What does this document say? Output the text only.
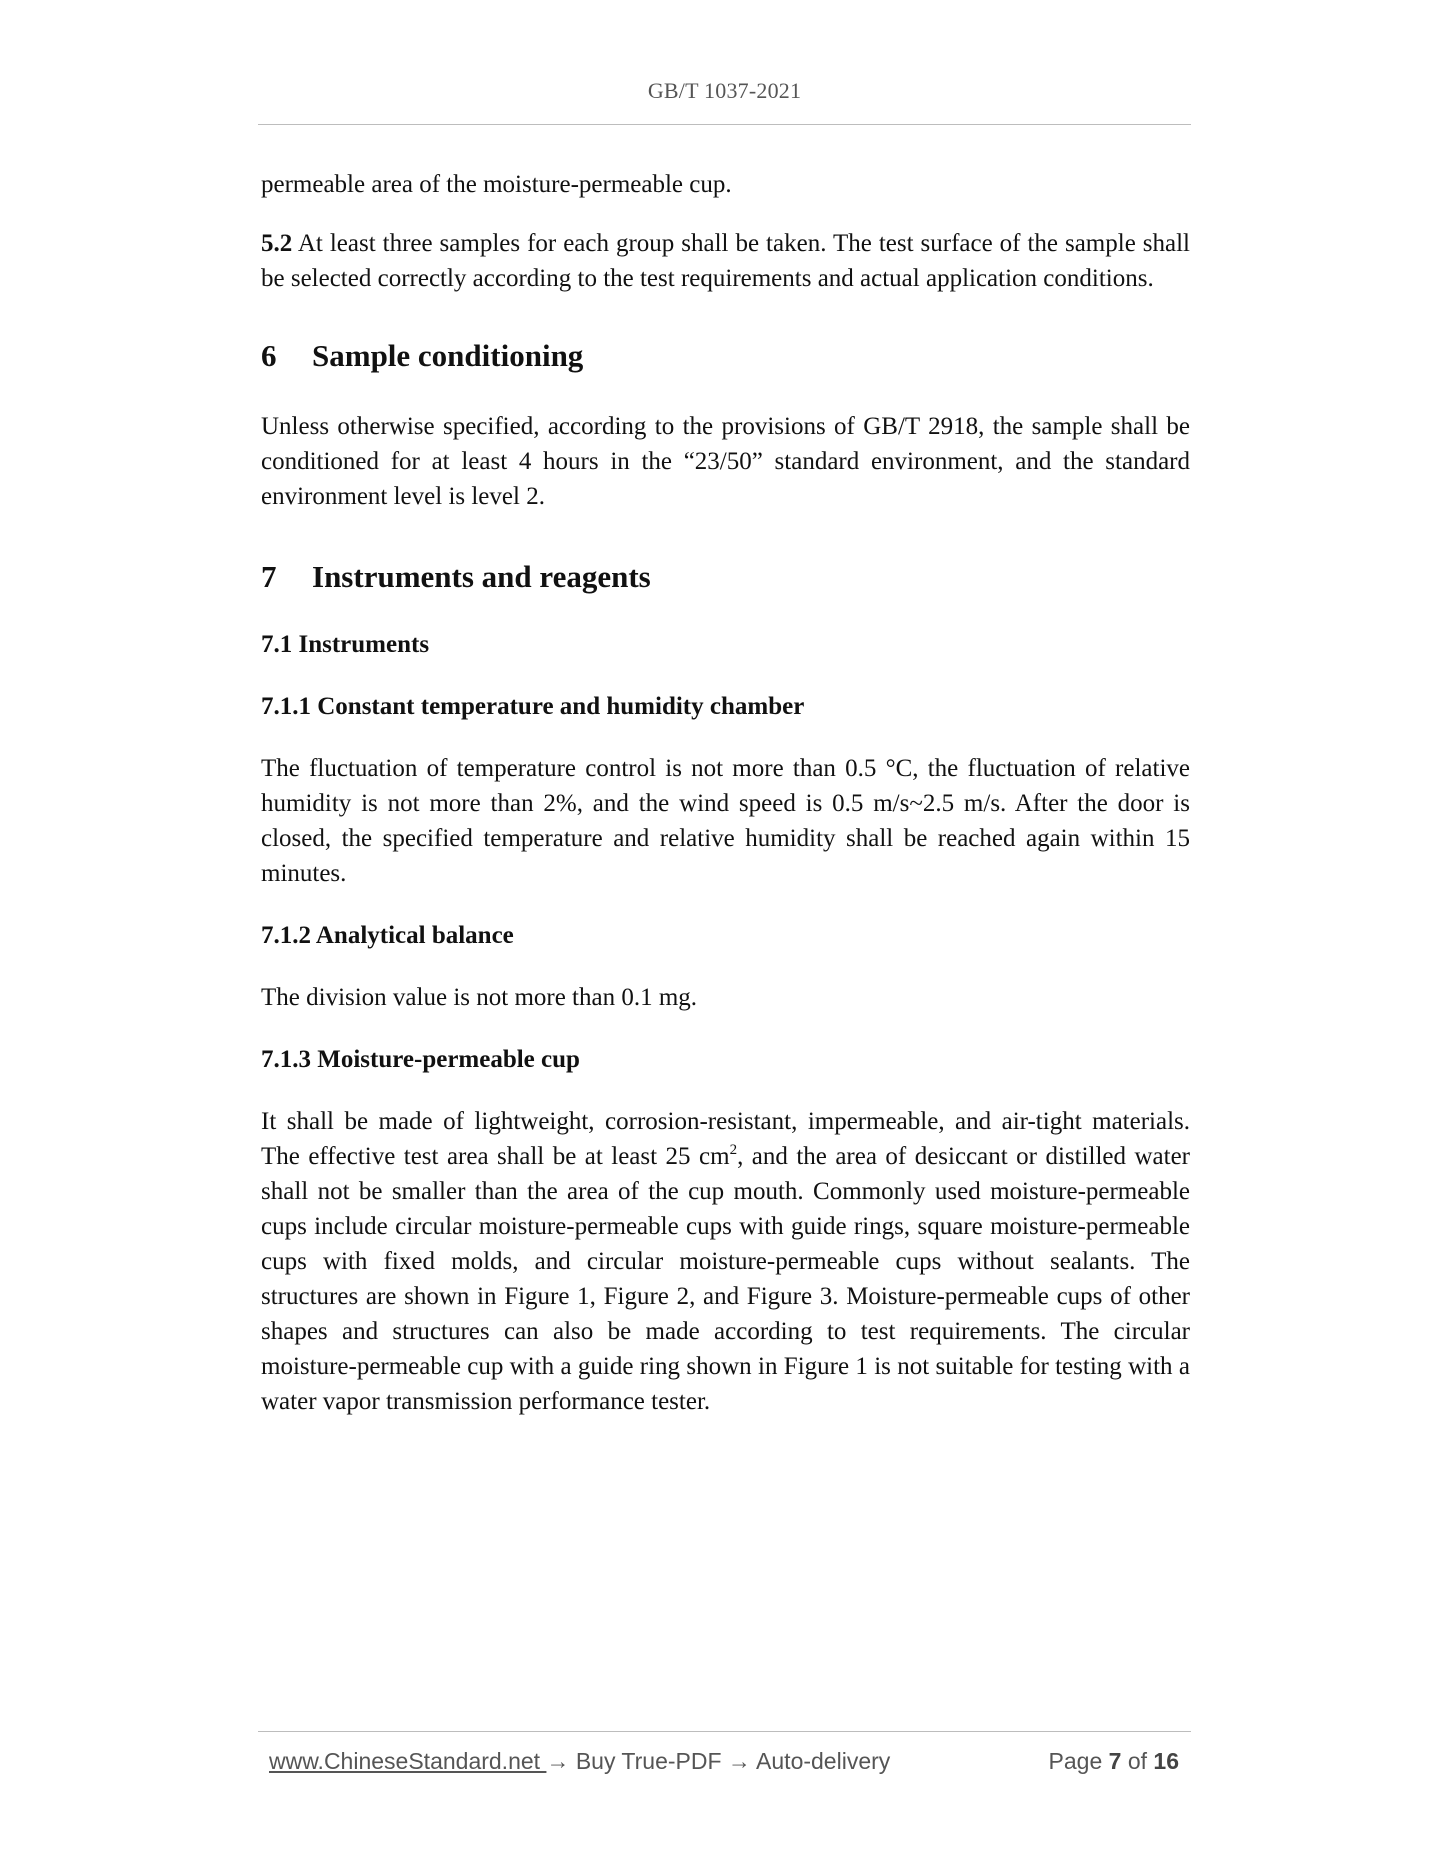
GB/T 1037-2021

permeable area of the moisture-permeable cup.

5.2 At least three samples for each group shall be taken. The test surface of the sample shall be selected correctly according to the test requirements and actual application conditions.

6 Sample conditioning

Unless otherwise specified, according to the provisions of GB/T 2918, the sample shall be conditioned for at least 4 hours in the “23/50” standard environment, and the standard environment level is level 2.

7 Instruments and reagents
7.1 Instruments
7.1.1 Constant temperature and humidity chamber

The fluctuation of temperature control is not more than 0.5 °C, the fluctuation of relative humidity is not more than 2%, and the wind speed is 0.5 m/s~2.5 m/s. After the door is closed, the specified temperature and relative humidity shall be reached again within 15 minutes.

7.1.2 Analytical balance

The division value is not more than 0.1 mg.

7.1.3 Moisture-permeable cup

It shall be made of lightweight, corrosion-resistant, impermeable, and air-tight materials. The effective test area shall be at least 25 $cm^2$, and the area of desiccant or distilled water shall not be smaller than the area of the cup mouth. Commonly used moisture-permeable cups include circular moisture-permeable cups with guide rings, square moisture-permeable cups with fixed molds, and circular moisture-permeable cups without sealants. The structures are shown in Figure 1, Figure 2, and Figure 3. Moisture-permeable cups of other shapes and structures can also be made according to test requirements. The circular moisture-permeable cup with a guide ring shown in Figure 1 is not suitable for testing with a water vapor transmission performance tester.

www.ChineseStandard.net → Buy True-PDF → Auto-delivery	Page 7 of 16
